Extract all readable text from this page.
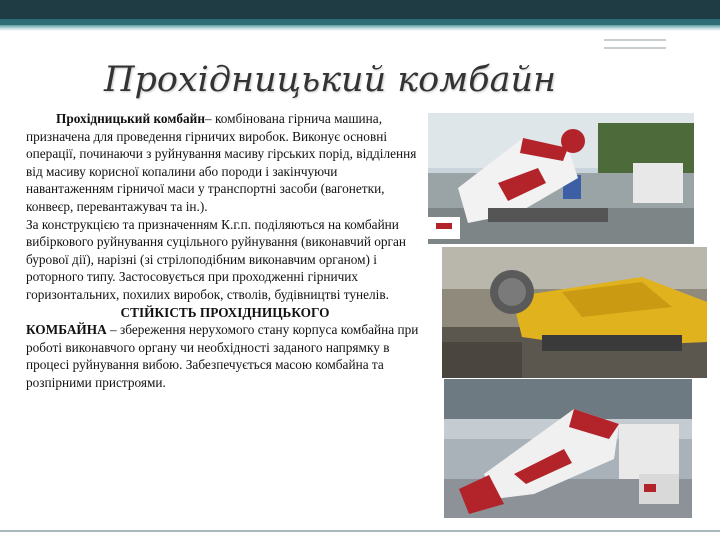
Прохідницький комбайн

Прохідницький комбайн– комбінована гірнича машина, призначена для проведення гірничих виробок. Виконує основні операції, починаючи з руйнування масиву гірських порід, відділення від масиву корисної копалини або породи і закінчуючи навантаженням гірничої маси у транспортні засоби (вагонетки, конвеєр, перевантажувач та ін.).

За конструкцією та призначенням К.г.п. поділяються на комбайни вибіркового руйнування суцільного руйнування (виконавчий орган бурової дії), нарізні (зі стрілоподібним виконавчим органом) і роторного типу. Застосовується при проходженні гірничих горизонтальних, похилих виробок, стволів, будівництві тунелів.

СТІЙКІСТЬ ПРОХІДНИЦЬКОГО
КОМБАЙНА – збереження нерухомого стану корпуса комбайна при роботі виконавчого органу чи необхідності заданого напрямку в процесі руйнування вибою. Забезпечується масою комбайна та розпірними пристроями.
